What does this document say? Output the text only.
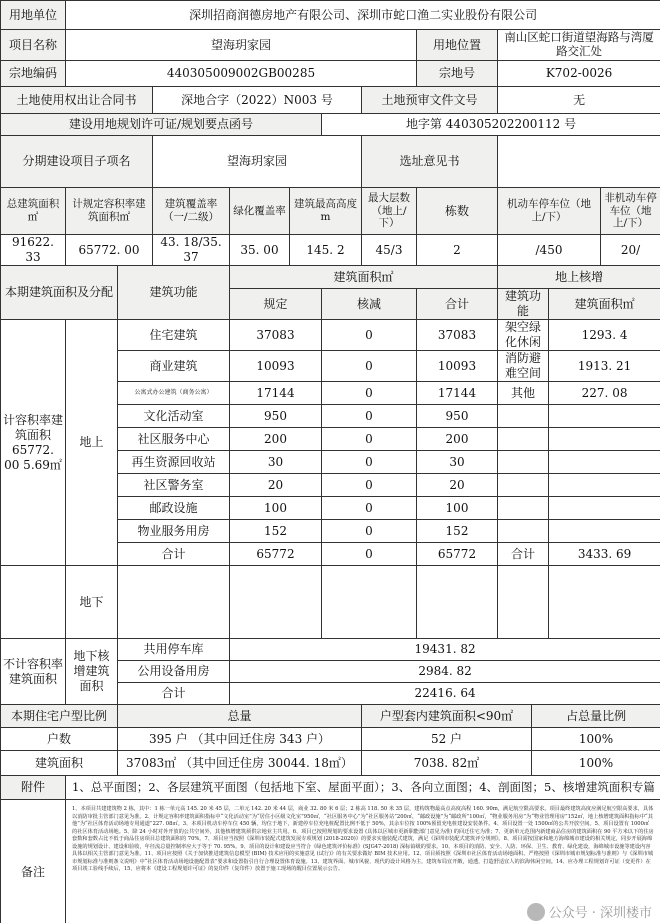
用地单位	深圳招商润德房地产有限公司、深圳市蛇口渔二实业股份有限公司											
项目名称	望海玥家园							用地位置	南山区蛇口街道望海路与湾厦路交汇处			
宗地编码	440305009002GB00285							宗地号	K702-0026			
土地使用权出让合同书			深地合字（2022）N003 号				土地预审文件文号		无			
建设用地规划许可证/规划要点函号						地字第 440305202200112 号						
分期建设项目子项名			望海玥家园				选址意见书					
总建筑面积㎡	计规定容积率建筑面积㎡		建筑覆盖率（一/二级）	绿化覆盖率	建筑最高高度 m		最大层数（地上/下）	栋数	机动车停车位（地上/下）			非机动车停车位（地上/下）
91622. 33	65772. 00		43. 18/35. 37	35. 00	145. 2		45/3	2	/450			20/
本期建筑面积及分配		建筑功能		建筑面积㎡					地上核增			
				规定		核减		合计	建筑功能		建筑面积㎡	
计容积率建筑面积 65772. 00 5.69㎡	地上	住宅建筑		37083		0		37083	架空绿化休闲		1293. 4	
		商业建筑		10093		0		10093	消防避难空间		1913. 21	
		公寓式办公建筑（商务公寓）		17144		0		17144	其他		227. 08	
		文化活动室		950		0		950				
		社区服务中心		200		0		200				
		再生资源回收站		30		0		30				
		社区警务室		20		0		20				
		邮政设施		100		0		100				
		物业服务用房		152		0		152				
		合计		65772		0		65772	合计		3433. 69	
	地下											
不计容积率建筑面积	地下核增建筑面积	共用停车库		19431. 82								
		公用设备用房		2984. 82								
		合计		22416. 64								
本期住宅户型比例		总量					户型套内建筑面积<90㎡			占总量比例		
户数		395 户 （其中回迁住房 343 户）					52 户			100%		
建筑面积		37083㎡ （其中回迁住房 30044. 18㎡）					7038. 82㎡			100%		
附件	1、总平面图；2、各层建筑平面图（包括地下室、屋面平面）；3、各向立面图；4、剖面图；5、核增建筑面积专篇											
备注	1、本项目共建建筑物 2 栋，其中：1 栋一单元高 145. 20 米 45 层，二单元 142. 20 米 44 层，商业 32. 80 米 6 层；2 栋高 118. 50 米 35 层，建构筑物最高点高度高程 160. 90m，满足航空限高要求。项目最终建筑高度应满足航空限高要求，具体以消防审批主管部门意见为准。2、计规定容积率建筑面积指标中“文化活动室”为“居住小区级文化室”950㎡，“社区服务中心”为“社区服务站”200㎡，“邮政设施”为“邮政所”100㎡，“物业服务用房”为“物业管理用房”152㎡，地上核增建筑面积指标中“其他”为“社区体育活动场地专用通道”227. 08㎡。3、本项目机动车停车位 450 辆，均位于地下，新建停车位充电桩配置比例不低于 50%，其余车位按 100%预留充电桩建设安装条件。4、项目设置一处 1500㎡的公共开放空间。5、项目设置有 1000㎡的社区体育活动场地。5、降 24 小时对外开放的公共空间外，其他核增建筑须供宗地业主共用。6、项目已按照规划的要求设置 (具体以区城市更新职能部门意见为准) 的回迁住宅为准；7、更新单元范围内新建商品住房的建筑面积在 90 平方米以下的住房套数和套数占比不低于商品住房项目总建筑面积的 70%。7、项目应当按照《深圳市装配式建筑发展专项规划 (2018-2020)》的要求实施装配式建筑，满足《深圳市装配式建筑评分规则》。8、项目需按国家和地方海绵城市建设的相关规定，同步开展海绵设施的规划设计、建设和验收，年径流总量控制率应大于等于 70. 95%。9、项目的设计和建设应当符合《绿色建筑评价标准》(SJG47-2018) 深标铂级的要求。10、本项目的消防、安全、人防、环保、卫生、教育、绿化建设，海绵城市设施等建设内容具体以相关主管部门意见为准。11、项目应按照《关于加快推进建筑信息模型 (BIM) 技术应用的实施意见 (试行)》的有关要求做好 BIM 技术应用。12、项目须按照《深圳市社区体育活动场地面积、严格按照《深圳市城市规划标准与准则》与《深圳市城市规划标准与准则条文说明》中“社区体育活动场地设施配置表”要求和设置指引自行合理设置体育设施。13、建筑界面、城市风貌、现代的设计风格为主，建筑布局宜开敞，通透，打造舒适宜人的滨海休闲空间。14、应办理工程规划许可证（变更件）在项目竣工验线手续后，15、应将本《建设工程规划许可证》的复印件（复印件）放置于施工现场的醒目位置展示公告。											
公众号 · 深圳楼市
